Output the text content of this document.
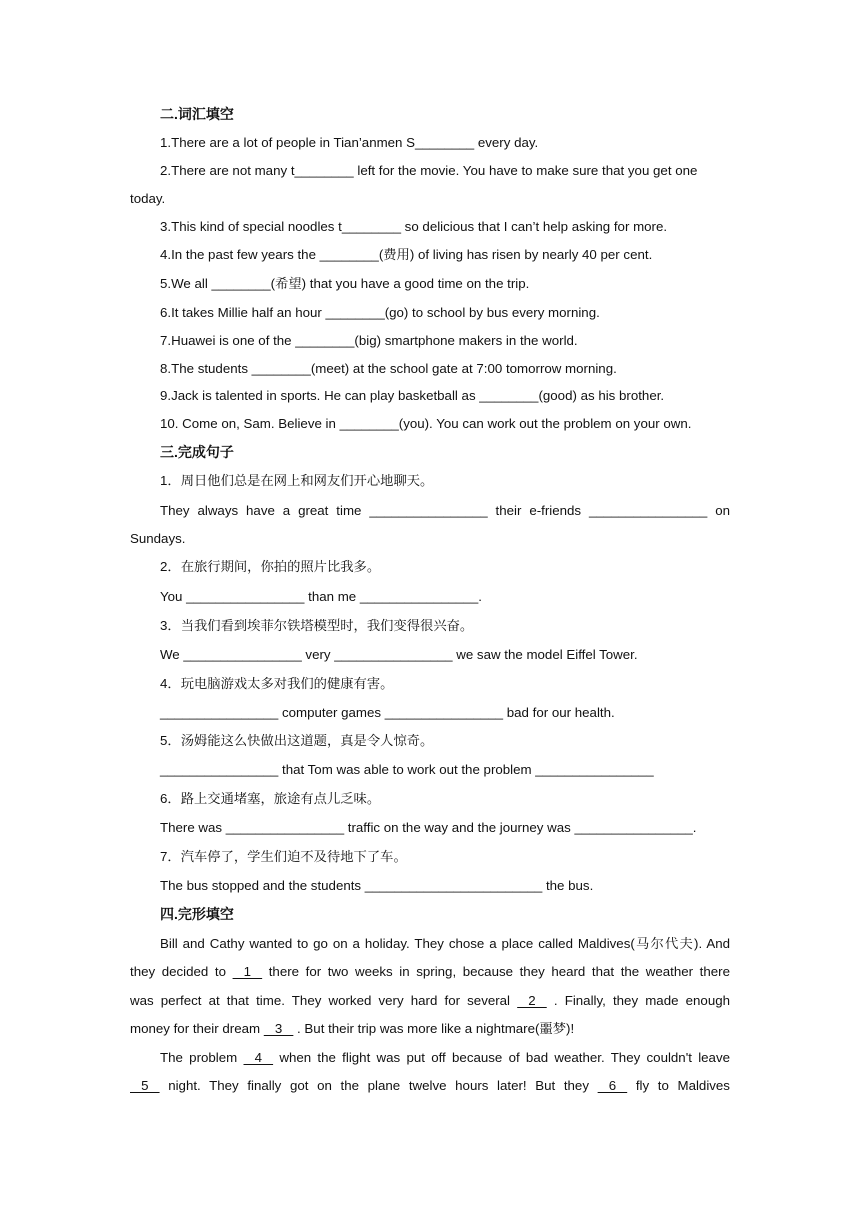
二.词汇填空
1.There are a lot of people in Tian’anmen S________ every day.
2.There are not many t________ left for the movie. You have to make sure that you get one
today.
3.This kind of special noodles t________ so delicious that I can’t help asking for more.
4.In the past few years the ________(费用) of living has risen by nearly 40 per cent.
5.We all ________(希望) that you have a good time on the trip.
6.It takes Millie half an hour ________(go) to school by bus every morning.
7.Huawei is one of the ________(big) smartphone makers in the world.
8.The students ________(meet) at the school gate at 7:00 tomorrow morning.
9.Jack is talented in sports. He can play basketball as ________(good) as his brother.
10. Come on, Sam. Believe in ________(you). You can work out the problem on your own.
三.完成句子
1．周日他们总是在网上和网友们开心地聊天。
They always have a great time ________________ their e-friends ________________ on
Sundays.
2．在旅行期间，你拍的照片比我多。
You ________________ than me ________________.
3．当我们看到埃菲尔铁塔模型时，我们变得很兴奋。
We ________________ very ________________ we saw the model Eiffel Tower.
4．玩电脑游戏太多对我们的健康有害。
________________ computer games ________________ bad for our health.
5．汤姆能这么快做出这道题，真是令人惊奇。
________________ that Tom was able to work out the problem ________________
6．路上交通堵塞，旅途有点儿乏味。
There was ________________ traffic on the way and the journey was ________________.
7．汽车停了，学生们迫不及待地下了车。
The bus stopped and the students ________________________ the bus.
四.完形填空
Bill and Cathy wanted to go on a holiday. They chose a place called Maldives(马尔代夫). And
they decided to    1    there for two weeks in spring, because they heard that the weather there
was perfect at that time. They worked very hard for several    2    . Finally, they made enough
money for their dream    3    . But their trip was more like a nightmare(噩梦)!
The problem    4    when the flight was put off because of bad weather. They couldn't leave
5    night. They finally got on the plane twelve hours later! But they    6    fly to Maldives
